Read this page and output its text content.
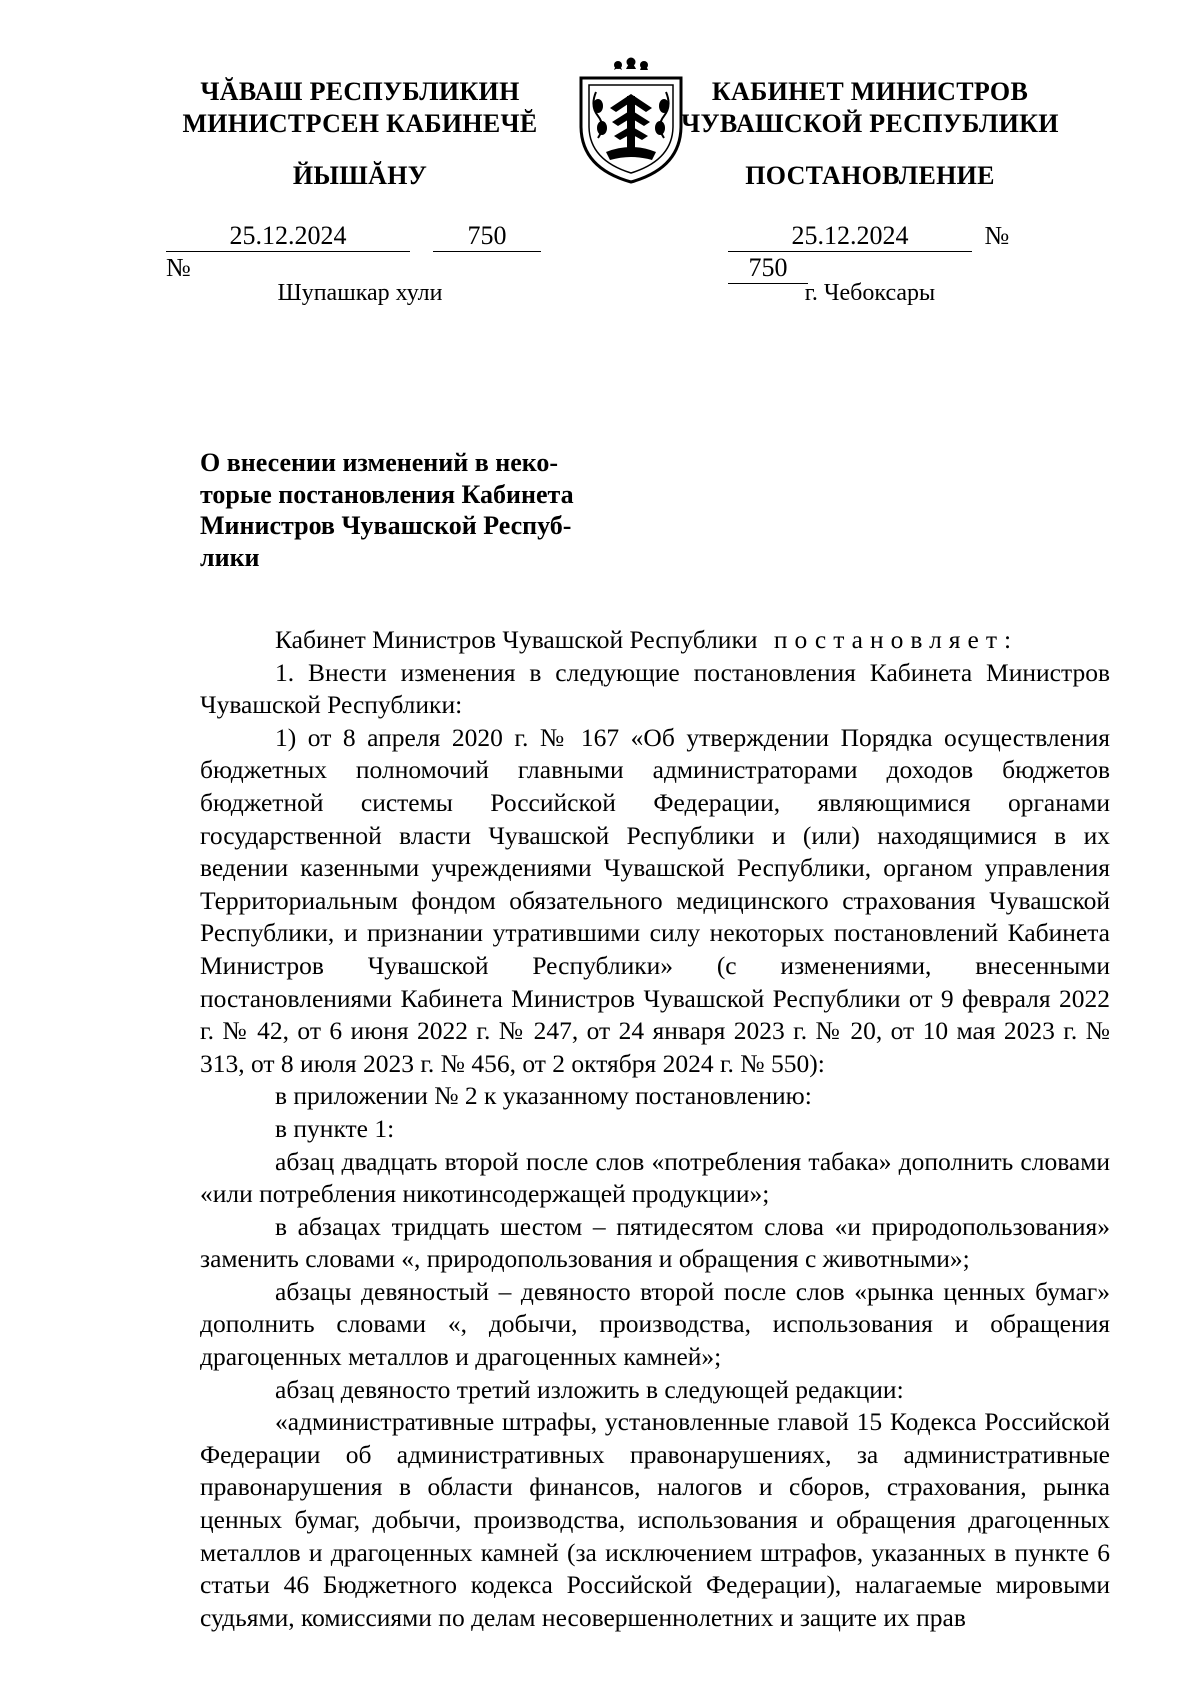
ЧĂВАШ РЕСПУБЛИКИН
МИНИСТРСЕН КАБИНЕЧĔ
ЙЫШĂНУ
25.12.2024	750 №
Шупашкар хули
КАБИНЕТ МИНИСТРОВ
ЧУВАШСКОЙ РЕСПУБЛИКИ
ПОСТАНОВЛЕНИЕ
25.12.2024	№ 750
г. Чебоксары
О внесении изменений в неко-
торые постановления Кабинета
Министров Чувашской Респуб-
лики

Кабинет Министров Чувашской Республики постановляет:

1. Внести изменения в следующие постановления Кабинета Министров Чувашской Республики:

1) от 8 апреля 2020 г. № 167 «Об утверждении Порядка осуществления бюджетных полномочий главными администраторами доходов бюджетов бюджетной системы Российской Федерации, являющимися органами государственной власти Чувашской Республики и (или) находящимися в их ведении казенными учреждениями Чувашской Республики, органом управления Территориальным фондом обязательного медицинского страхования Чувашской Республики, и признании утратившими силу некоторых постановлений Кабинета Министров Чувашской Республики» (с изменениями, внесенными постановлениями Кабинета Министров Чувашской Республики от 9 февраля 2022 г. № 42, от 6 июня 2022 г. № 247, от 24 января 2023 г. № 20, от 10 мая 2023 г. № 313, от 8 июля 2023 г. № 456, от 2 октября 2024 г. № 550):

в приложении № 2 к указанному постановлению:

в пункте 1:

абзац двадцать второй после слов «потребления табака» дополнить словами «или потребления никотинсодержащей продукции»;

в абзацах тридцать шестом – пятидесятом слова «и природопользования» заменить словами «, природопользования и обращения с животными»;

абзацы девяностый – девяносто второй после слов «рынка ценных бумаг» дополнить словами «, добычи, производства, использования и обращения драгоценных металлов и драгоценных камней»;

абзац девяносто третий изложить в следующей редакции:

«административные штрафы, установленные главой 15 Кодекса Российской Федерации об административных правонарушениях, за административные правонарушения в области финансов, налогов и сборов, страхования, рынка ценных бумаг, добычи, производства, использования и обращения драгоценных металлов и драгоценных камней (за исключением штрафов, указанных в пункте 6 статьи 46 Бюджетного кодекса Российской Федерации), налагаемые мировыми судьями, комиссиями по делам несовершеннолетних и защите их прав
